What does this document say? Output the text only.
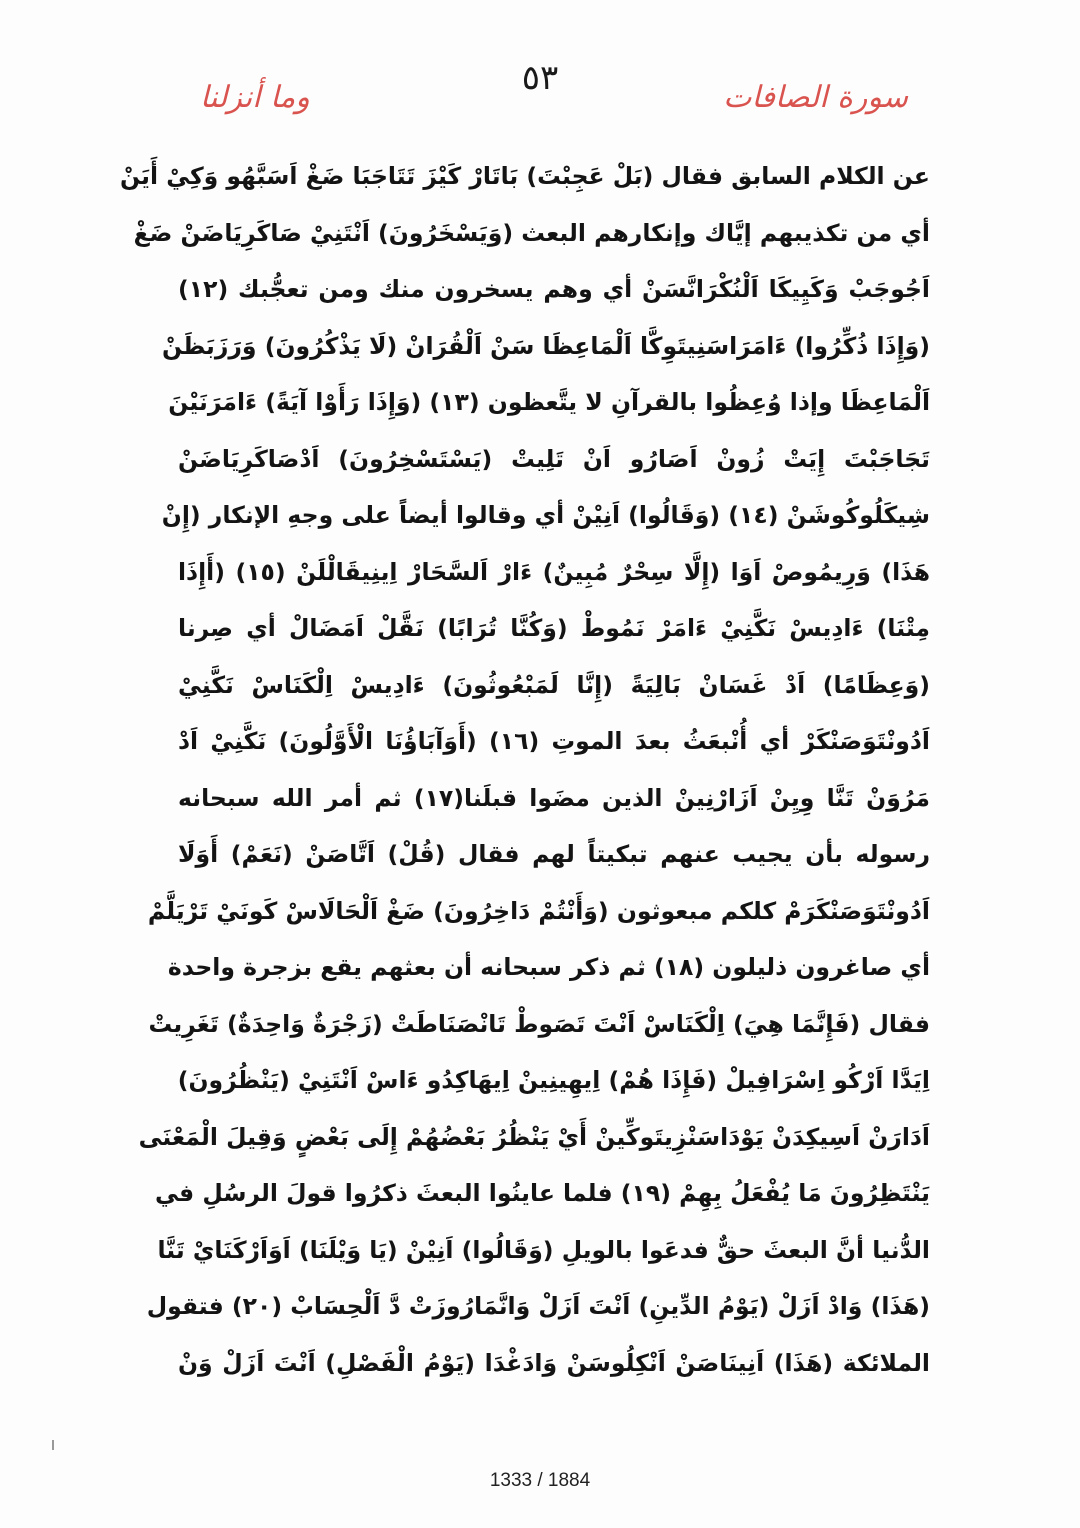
٥٣	سورة الصافات
وما أنزلنا
عن الكلام السابق فقال (بَلْ عَجِبْتَ) بَاتَارْ كَيْزَ تَتَاجَبَا ضَغْ اَسَبَّهُو وَكِيْ أَيَنْ
أي من تكذيبهم إيَّاك وإنكارهم البعث (وَيَسْخَرُونَ) اَنْتَنِيْ صَاكَرِيَاضَنْ ضَغْ
اَجُوجَبْ وَكَيِيكَا اَلْنُكْرَانَّسَنْ أي وهم يسخرون منك ومن تعجُّبك (١٢)
(وَإِذَا ذُكِّرُوا) ءَامَرَاسَنِيتَوِكَّا اَلْمَاعِظَا سَنْ اَلْقُرَانْ (لَا يَذْكُرُونَ) وَرَزَبَظَنْ
اَلْمَاعِظَا وإذا وُعِظُوا بالقرآنِ لا يتَّعظون (١٣) (وَإِذَا رَأَوْا آيَةً) ءَامَرَنَيْنَ
تَجَاجَبْتَ إِيَتْ زُونْ اَصَارُو اَنْ تَلِيتْ (يَسْتَسْخِرُونَ) اَدْصَاكَرِيَاضَنْ
شِيكَلُوكُوشَنْ (١٤) (وَقَالُوا) اَنِيْنْ أي وقالوا أيضاً على وجهِ الإنكار (إِنْ
هَذَا) وَرِيمُوصْ اَوَا (إِلَّا سِحْرٌ مُبِينٌ) ءَارْ اَلسَّحَارْ اِينِيقَالْلَنْ (١٥) (أَإِذَا
مِتْنَا) ءَادِيسْ نَكَّنِيْ ءَامَرْ نَمُوطْ (وَكُنَّا تُرَابًا) نَقَّلْ اَمَضَالْ أي صِرنا
(وَعِظَامًا) اَدْ غَسَانْ بَالِيَةً (إِنَّا لَمَبْعُوثُونَ) ءَادِيسْ اِلْكَنَاسْ نَكَّنِيْ
اَدُونْتَوَصَنْكَرْ أي أُنْبعَثُ بعدَ الموتِ (١٦) (أَوَآبَاؤُنَا الْأَوَّلُونَ) نَكَّنِيْ اَدْ
مَرُوَنْ تَنَّا وِيِنْ اَزَارْنِينْ الذين مضَوا قبلَنا(١٧) ثم أمر الله سبحانه
رسوله بأن يجيب عنهم تبكيتاً لهم فقال (قُلْ) اَتَّاصَنْ (نَعَمْ) أَوَلَا
اَدُونْتَوَصَنْكَرَمْ كلكم مبعوثون (وَأَنْتُمْ دَاخِرُونَ) ضَغْ اَلْحَالَاسْ كَونَيْ تَرْيَلَّمْ
أي صاغرون ذليلون (١٨) ثم ذكر سبحانه أن بعثهم يقع بزجرة واحدة
فقال (فَإِنَّمَا هِيَ) اِلْكَنَاسْ اَنْتَ تَصَوطْ تَانْصَنَاطَتْ (زَجْرَةٌ وَاحِدَةٌ) تَغَرِيتْ
اِيَدَّا اَرْكُو اِسْرَافِيلْ (فَإِذَا هُمْ) اِيهِينِينْ اِيهَاكِدُو ءَاسْ اَنْتَنِيْ (يَنْظُرُونَ)
اَدَارَنْ اَسِيكِدَنْ يَوْدَاسَنْزِيتَوكِّينْ أَيْ يَنْظُرُ بَعْضُهُمْ إِلَى بَعْضٍ وَقِيلَ الْمَعْنَى
يَنْتَظِرُونَ مَا يُفْعَلُ بِهِمْ (١٩) فلما عاينُوا البعثَ ذكرُوا قولَ الرسُلِ في
الدُّنيا أنَّ البعثَ حقٌّ فدعَوا بالويلِ (وَقَالُوا) اَنِيْنْ (يَا وَيْلَنَا) اَوَاَرْكَنَايْ تَنَّا
(هَذَا) وَادْ اَزَلْ (يَوْمُ الدِّينِ) اَنْتَ اَزَلْ وَانَّمَارُوزَتْ دَّ اَلْحِسَابْ (٢٠) فتقول
الملائكة (هَذَا) اَنِينَاصَنْ اَنْكِلُوسَنْ وَادَغْدَا (يَوْمُ الْفَصْلِ) اَنْتَ اَزَلْ وَنْ
1333 / 1884
